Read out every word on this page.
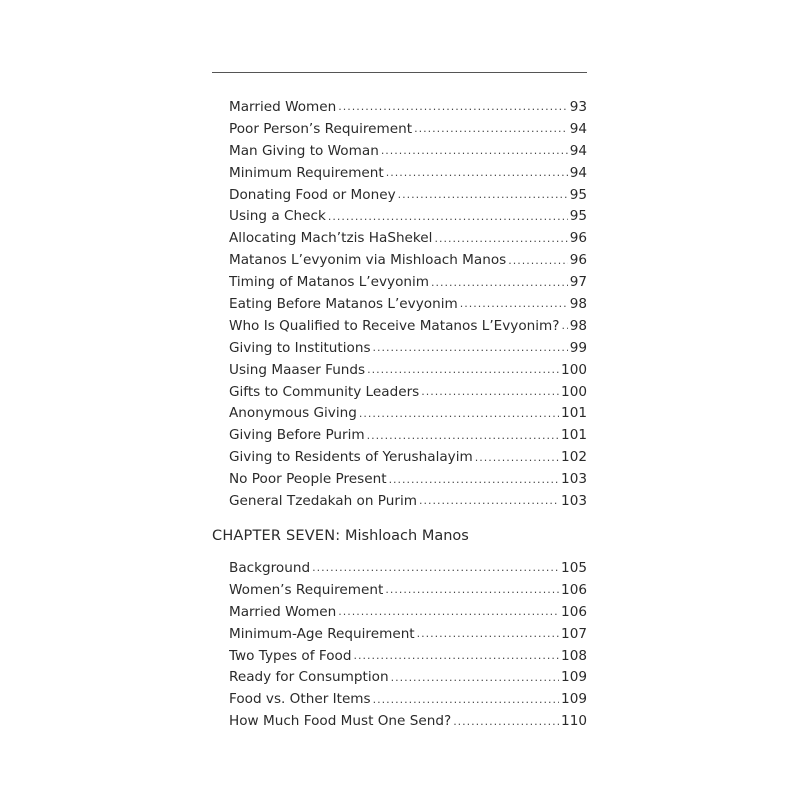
Married Women .....	93
Poor Person’s Requirement .....	94
Man Giving to Woman .....	94
Minimum Requirement .....	94
Donating Food or Money .....	95
Using a Check .....	95
Allocating Mach’tzis HaShekel .....	96
Matanos L’evyonim via Mishloach Manos .....	96
Timing of Matanos L’evyonim .....	97
Eating Before Matanos L’evyonim .....	98
Who Is Qualified to Receive Matanos L’Evyonim? ..... 98
Giving to Institutions .....	99
Using Maaser Funds .....	100
Gifts to Community Leaders .....	100
Anonymous Giving .....	101
Giving Before Purim .....	101
Giving to Residents of Yerushalayim .....	102
No Poor People Present .....	103
General Tzedakah on Purim .....	103
CHAPTER SEVEN: Mishloach Manos
Background .....	105
Women’s Requirement .....	106
Married Women .....	106
Minimum-Age Requirement .....	107
Two Types of Food .....	108
Ready for Consumption .....	109
Food vs. Other Items .....	109
How Much Food Must One Send? .....	110
